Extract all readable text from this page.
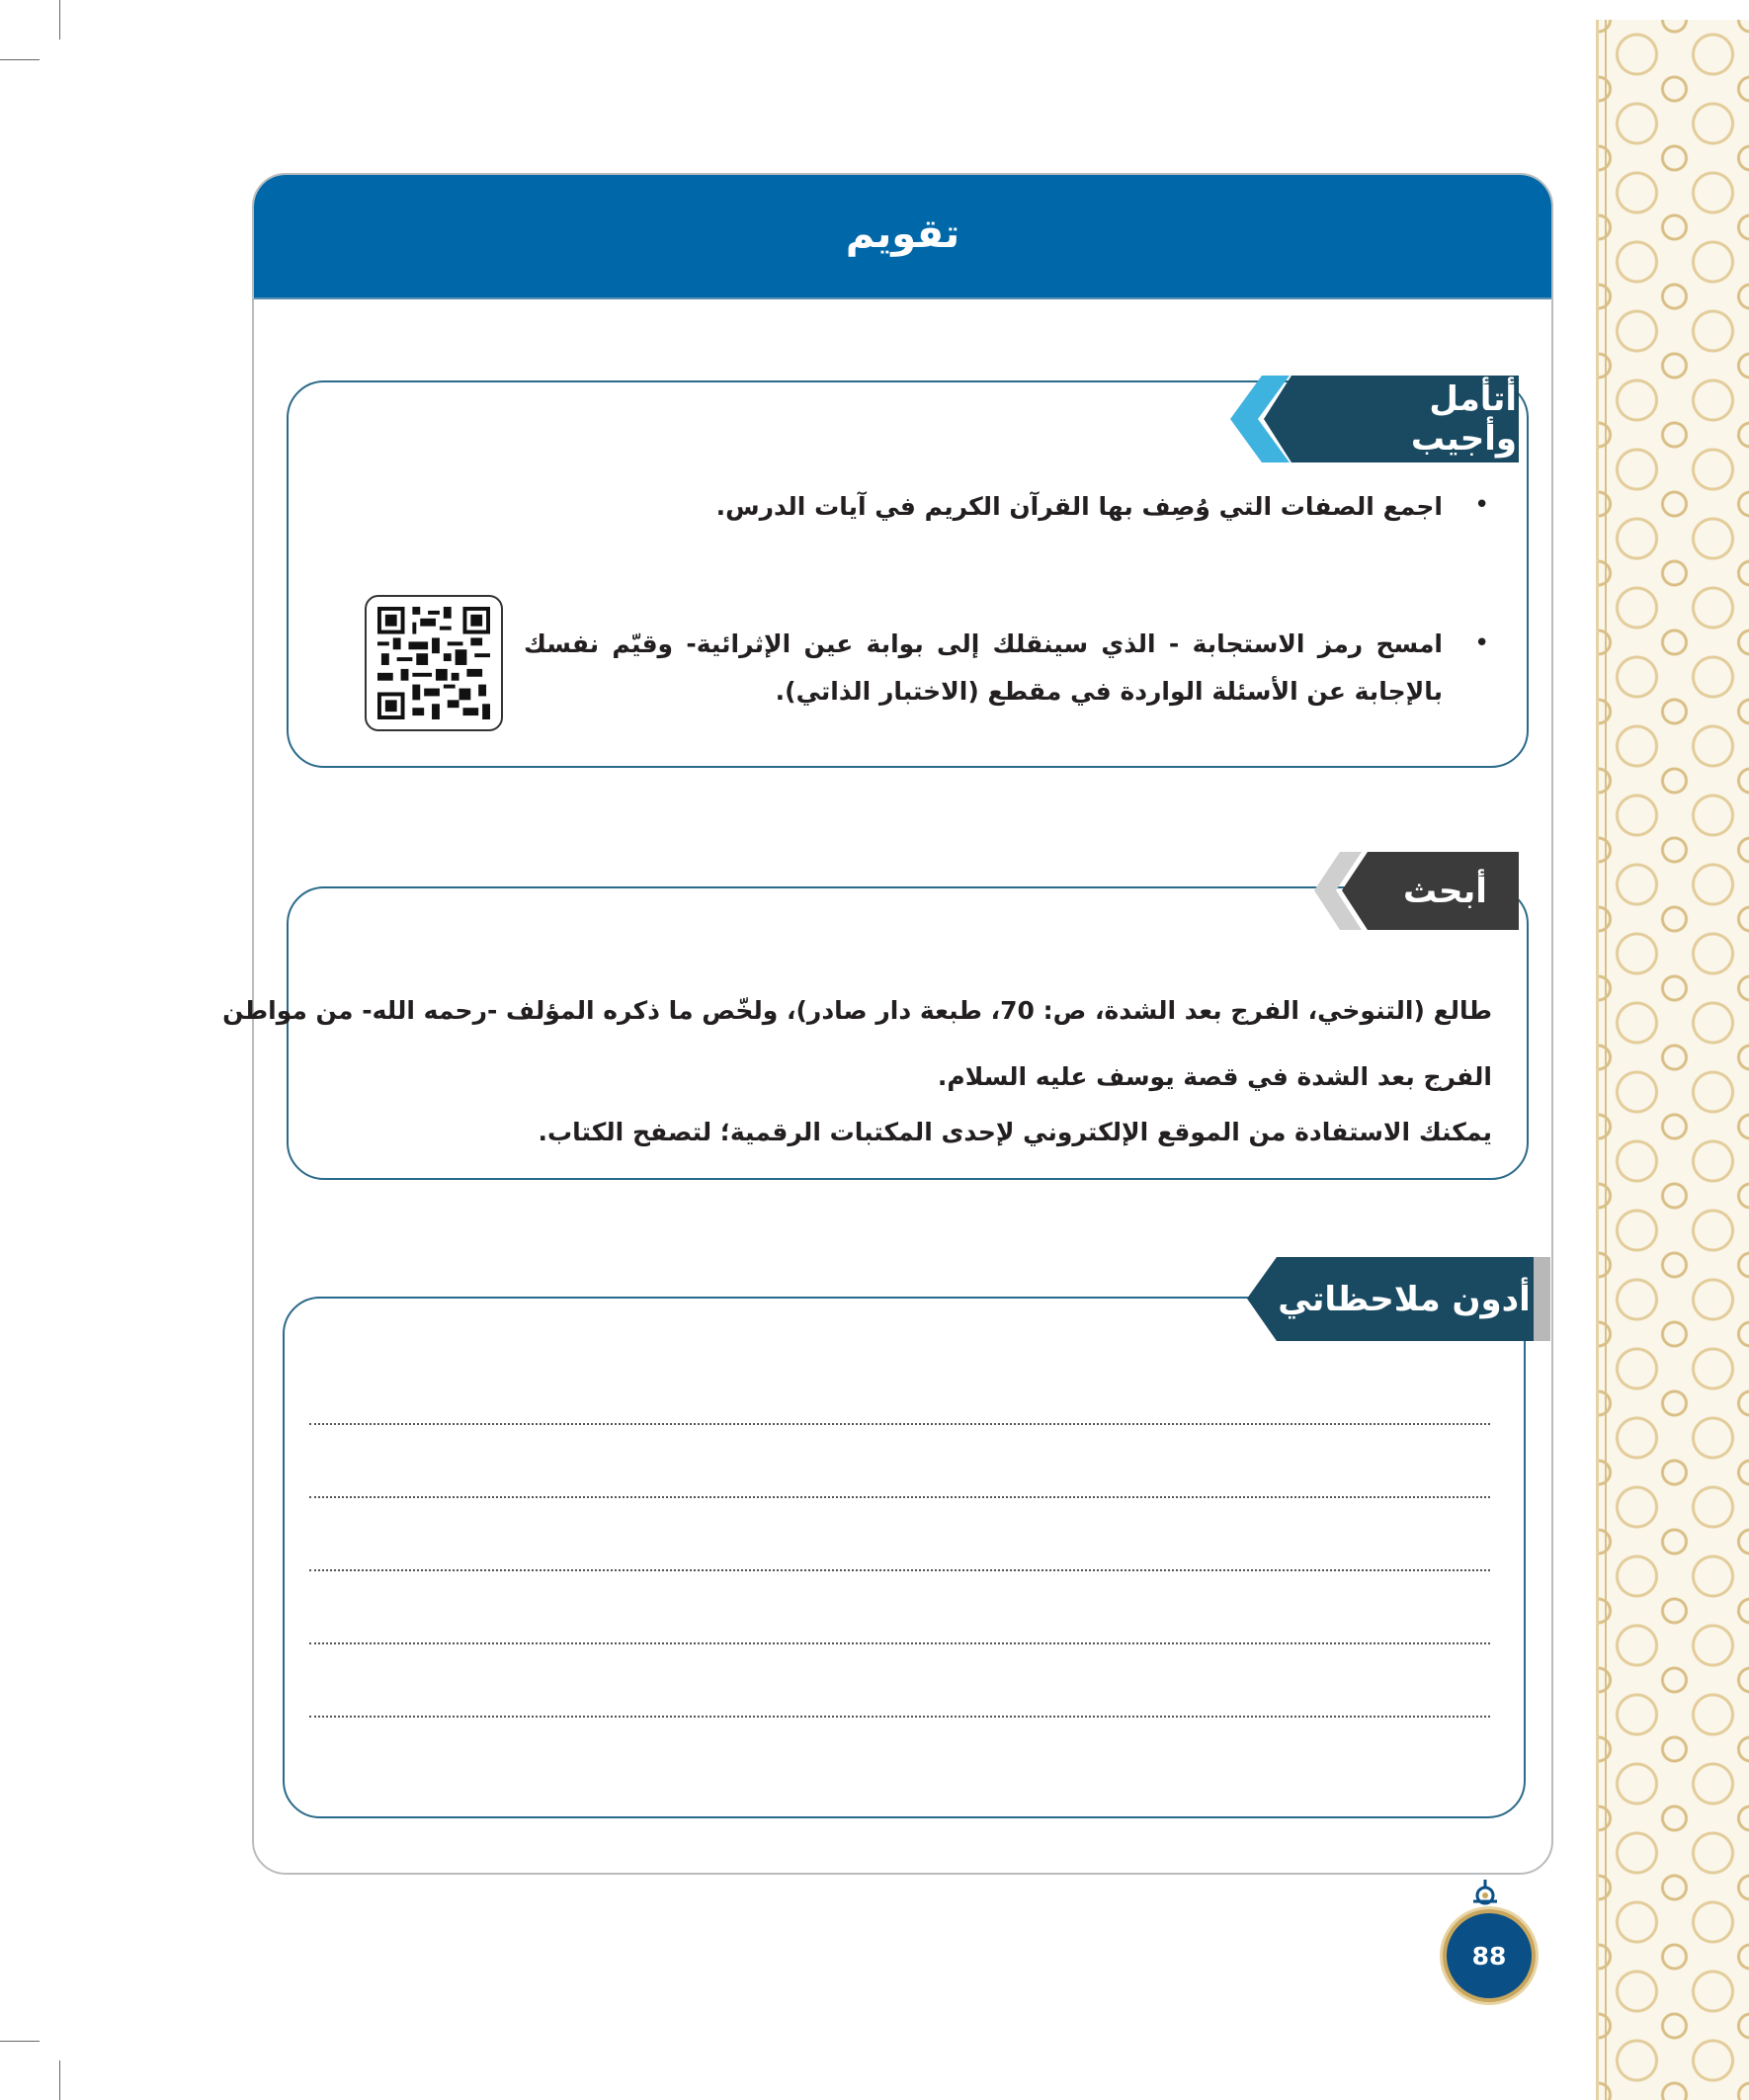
تقويم
أتأمل وأجيب
•
اجمع الصفات التي وُصِف بها القرآن الكريم في آيات الدرس.
•
امسح رمز الاستجابة - الذي سينقلك إلى بوابة عين الإثرائية- وقيّم نفسك
بالإجابة عن الأسئلة الواردة في مقطع (الاختبار الذاتي).
أبحث
طالع (التنوخي، الفرج بعد الشدة، ص: 70، طبعة دار صادر)، ولخّص ما ذكره المؤلف -رحمه الله- من مواطن
الفرج بعد الشدة في قصة يوسف عليه السلام.
يمكنك الاستفادة من الموقع الإلكتروني لإحدى المكتبات الرقمية؛ لتصفح الكتاب.
أدون ملاحظاتي
88
